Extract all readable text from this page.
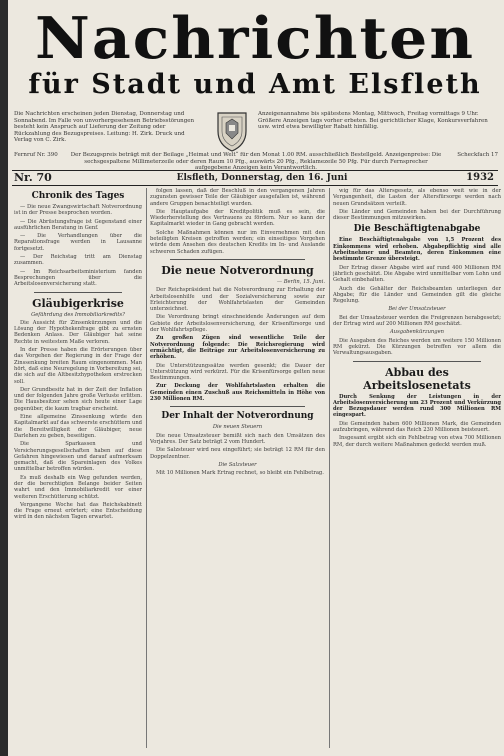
Nachrichten
für Stadt und Amt Elsfleth
Die Nachrichten erscheinen jeden Dienstag, Donnerstag und Sonnabend. Im Falle von unvorhergesehenen Betriebsstörungen besteht kein Anspruch auf Lieferung der Zeitung oder Rückzahlung des Bezugspreises. Leitung: H. Zirk. Druck und Verlag von C. Zirk.
Anzeigenannahme bis spätestens Montag, Mittwoch, Freitag vormittags 9 Uhr. Größere Anzeigen tags vorher erbeten. Bei gerichtlicher Klage, Konkursverfahren usw. wird etwa bewilligter Rabatt hinfällig.
Fernruf Nr. 390	Der Bezugspreis beträgt mit der Beilage „Heimat und Welt“ für den Monat 1.00 RM. ausschließlich Bestellgeld. Anzeigenpreise: Die sechsgespaltene Millimeterzeile oder deren Raum 10 Pfg., auswärts 20 Pfg., Reklamezeile 50 Pfg. Für durch Fernsprecher aufgegebene Anzeigen kein Verantwortlich.
Scheckfach 17
Nr. 70	Elsfleth, Donnerstag, den 16. Juni	1932
Chronik des Tages
— Die neue Zwangswirtschaft Notverordnung ist in der Presse besprochen worden.
— Die Abrüstungsfrage ist Gegenstand einer ausführlichen Beratung in Genf.
— Die Verhandlungen über die Reparationsfrage werden in Lausanne fortgesetzt.
— Der Reichstag tritt am Dienstag zusammen.
— Im Reichsarbeitsministerium fanden Besprechungen über die Arbeitslosenversicherung statt.
Gläubigerkrise
Gefährdung des Immobiliarkredits?
Die Aussicht für Zinsenkürzungen und die Lösung der Hypothekenfrage gibt zu ernsten Bedenken Anlass. Der Gläubiger hat seine Rechte in weitestem Maße verloren.
In der Presse haben die Erörterungen über das Vorgehen der Regierung in der Frage der Zinssenkung breiten Raum eingenommen. Man hört, daß eine Neuregelung in Vorbereitung sei, die sich auf die Altbesitzhypotheken erstrecken soll.
Der Grundbesitz hat in der Zeit der Inflation und der folgenden Jahre große Verluste erlitten. Die Hausbesitzer sehen sich heute einer Lage gegenüber, die kaum tragbar erscheint.
Eine allgemeine Zinssenkung würde den Kapitalmarkt auf das schwerste erschüttern und die Bereitwilligkeit der Gläubiger, neue Darlehen zu geben, beseitigen.
Die Sparkassen und Versicherungsgesellschaften haben auf diese Gefahren hingewiesen und darauf aufmerksam gemacht, daß die Spareinlagen des Volkes unmittelbar betroffen würden.
Es muß deshalb ein Weg gefunden werden, der die berechtigten Belange beider Seiten wahrt und den Immobiliarkredit vor einer weiteren Erschütterung schützt.
Vergangene Woche hat das Reichskabinett die Frage erneut erörtert; eine Entscheidung wird in den nächsten Tagen erwartet.
folgen lassen, daß der Beschluß in den vergangenen Jahren zugunsten gewisser Teile der Gläubiger ausgefallen ist, während andere Gruppen benachteiligt wurden.
Die Hauptaufgabe der Kreditpolitik muß es sein, die Wiederherstellung des Vertrauens zu fördern. Nur so kann der Kapitalmarkt wieder in Gang gebracht werden.
Solche Maßnahmen können nur im Einvernehmen mit den beteiligten Kreisen getroffen werden; ein einseitiges Vorgehen würde dem Ansehen des deutschen Kredits im In- und Auslande schweren Schaden zufügen.
Die neue Notverordnung
— Berlin, 15. Juni.
Der Reichspräsident hat die Notverordnung zur Erhaltung der Arbeitslosenhilfe und der Sozialversicherung sowie zur Erleichterung der Wohlfahrtslasten der Gemeinden unterzeichnet.
Die Verordnung bringt einschneidende Änderungen auf dem Gebiete der Arbeitslosenversicherung, der Krisenfürsorge und der Wohlfahrtspflege.
Zu großen Zügen sind wesentliche Teile der Notverordnung folgende: Die Reichsregierung wird ermächtigt, die Beiträge zur Arbeitslosenversicherung zu erhöhen.
Die Unterstützungssätze werden gesenkt; die Dauer der Unterstützung wird verkürzt. Für die Krisenfürsorge gelten neue Bestimmungen.
Zur Deckung der Wohlfahrtslasten erhalten die Gemeinden einen Zuschuß aus Reichsmitteln in Höhe von 230 Millionen RM.
Der Inhalt der Notverordnung
Die neuen Steuern
Die neue Umsatzsteuer bemißt sich nach den Umsätzen des Vorjahres. Der Satz beträgt 2 vom Hundert.
Die Salzsteuer wird neu eingeführt; sie beträgt 12 RM für den Doppelzentner.
Die Salzsteuer
Mit 10 Millionen Mark Ertrag rechnet, so bleibt ein Fehlbetrag.
wig für das Altersgesetz, als ebenso weit wie in der Vergangenheit, die Lasten der Altersfürsorge werden nach neuen Grundsätzen verteilt.
Die Länder und Gemeinden haben bei der Durchführung dieser Bestimmungen mitzuwirken.
Die Beschäftigtenabgabe
Eine Beschäftigtenabgabe von 1,5 Prozent des Einkommens wird erhoben. Abgabepflichtig sind alle Arbeitnehmer und Beamten, deren Einkommen eine bestimmte Grenze übersteigt.
Der Ertrag dieser Abgabe wird auf rund 400 Millionen RM jährlich geschätzt. Die Abgabe wird unmittelbar vom Lohn und Gehalt einbehalten.
Auch die Gehälter der Reichsbeamten unterliegen der Abgabe; für die Länder und Gemeinden gilt die gleiche Regelung.
Bei der Umsatzsteuer
Bei der Umsatzsteuer werden die Freigrenzen herabgesetzt; der Ertrag wird auf 200 Millionen RM geschätzt.
Ausgabenkürzungen
Die Ausgaben des Reiches werden um weitere 150 Millionen RM gekürzt. Die Kürzungen betreffen vor allem die Verwaltungsausgaben.
Abbau des Arbeitslosenetats
Durch Senkung der Leistungen in der Arbeitslosenversicherung um 23 Prozent und Verkürzung der Bezugsdauer werden rund 300 Millionen RM eingespart.
Die Gemeinden haben 600 Millionen Mark, die Gemeinden aufzubringen, während das Reich 230 Millionen beisteuert.
Insgesamt ergibt sich ein Fehlbetrag von etwa 700 Millionen RM, der durch weitere Maßnahmen gedeckt werden muß.
